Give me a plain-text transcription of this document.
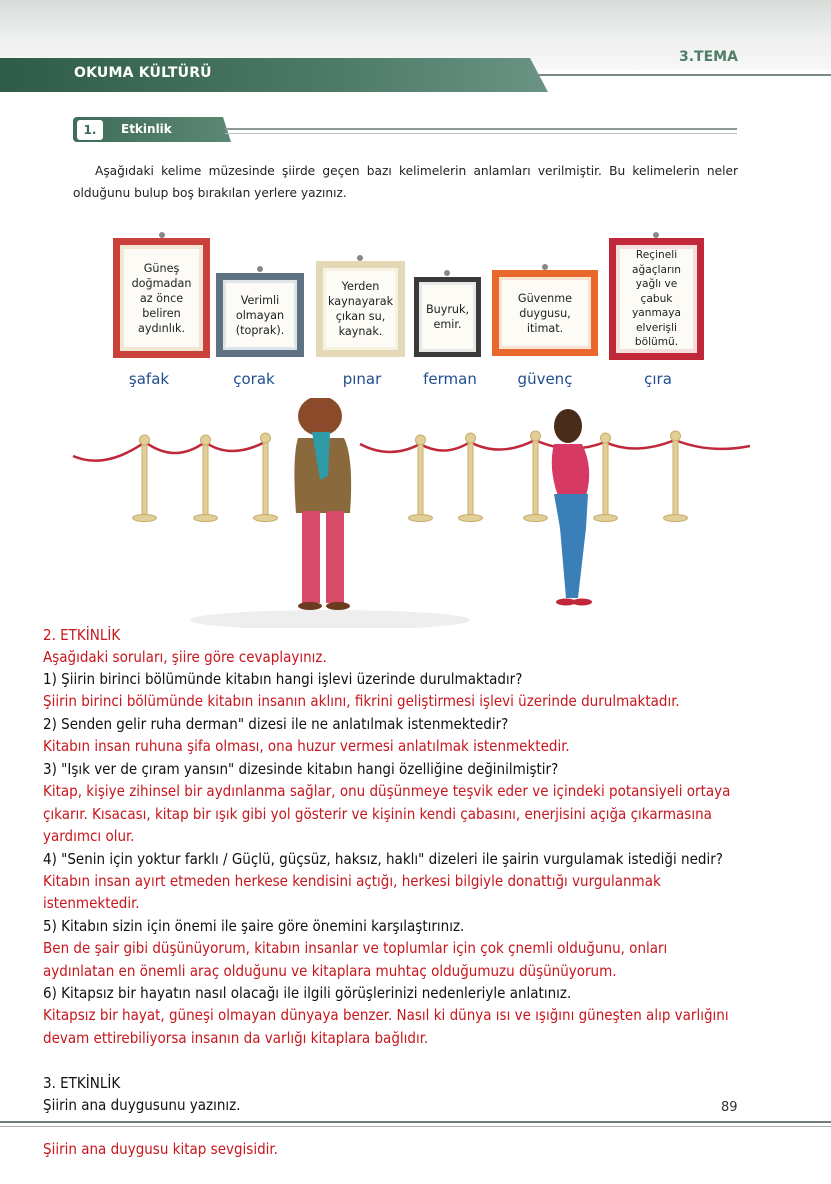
OKUMA KÜLTÜRÜ
3.TEMA
1.	Etkinlik
Aşağıdaki kelime müzesinde şiirde geçen bazı kelimelerin anlamları verilmiştir. Bu kelimelerin neler olduğunu bulup boş bırakılan yerlere yazınız.
Güneş doğmadan az önce beliren aydınlık.
Verimli olmayan (toprak).
Yerden kaynayarak çıkan su, kaynak.
Buyruk, emir.
Güvenme duygusu, itimat.
Reçineli ağaçların yağlı ve çabuk yanmaya elverişli bölümü.
şafak	çorak	pınar	ferman	güvenç	çıra
2. ETKİNLİK
Aşağıdaki soruları, şiire göre cevaplayınız.
1) Şiirin birinci bölümünde kitabın hangi işlevi üzerinde durulmaktadır?
Şiirin birinci bölümünde kitabın insanın aklını, fikrini geliştirmesi işlevi üzerinde durulmaktadır.
2) Senden gelir ruha derman" dizesi ile ne anlatılmak istenmektedir?
Kitabın insan ruhuna şifa olması, ona huzur vermesi anlatılmak istenmektedir.
3) "Işık ver de çıram yansın" dizesinde kitabın hangi özelliğine değinilmiştir?
Kitap, kişiye zihinsel bir aydınlanma sağlar, onu düşünmeye teşvik eder ve içindeki potansiyeli ortaya
çıkarır. Kısacası, kitap bir ışık gibi yol gösterir ve kişinin kendi çabasını, enerjisini açığa çıkarmasına
yardımcı olur.
4) "Senin için yoktur farklı / Güçlü, güçsüz, haksız, haklı" dizeleri ile şairin vurgulamak istediği nedir?
Kitabın insan ayırt etmeden herkese kendisini açtığı, herkesi bilgiyle donattığı vurgulanmak
istenmektedir.
5) Kitabın sizin için önemi ile şaire göre önemini karşılaştırınız.
Ben de şair gibi düşünüyorum, kitabın insanlar ve toplumlar için çok çnemli olduğunu, onları
aydınlatan en önemli araç olduğunu ve kitaplara muhtaç olduğumuzu düşünüyorum.
6) Kitapsız bir hayatın nasıl olacağı ile ilgili görüşlerinizi nedenleriyle anlatınız.
Kitapsız bir hayat, güneşi olmayan dünyaya benzer. Nasıl ki dünya ısı ve ışığını güneşten alıp varlığını
devam ettirebiliyorsa insanın da varlığı kitaplara bağlıdır.
3. ETKİNLİK
Şiirin ana duygusunu yazınız.	89
Şiirin ana duygusu kitap sevgisidir.
